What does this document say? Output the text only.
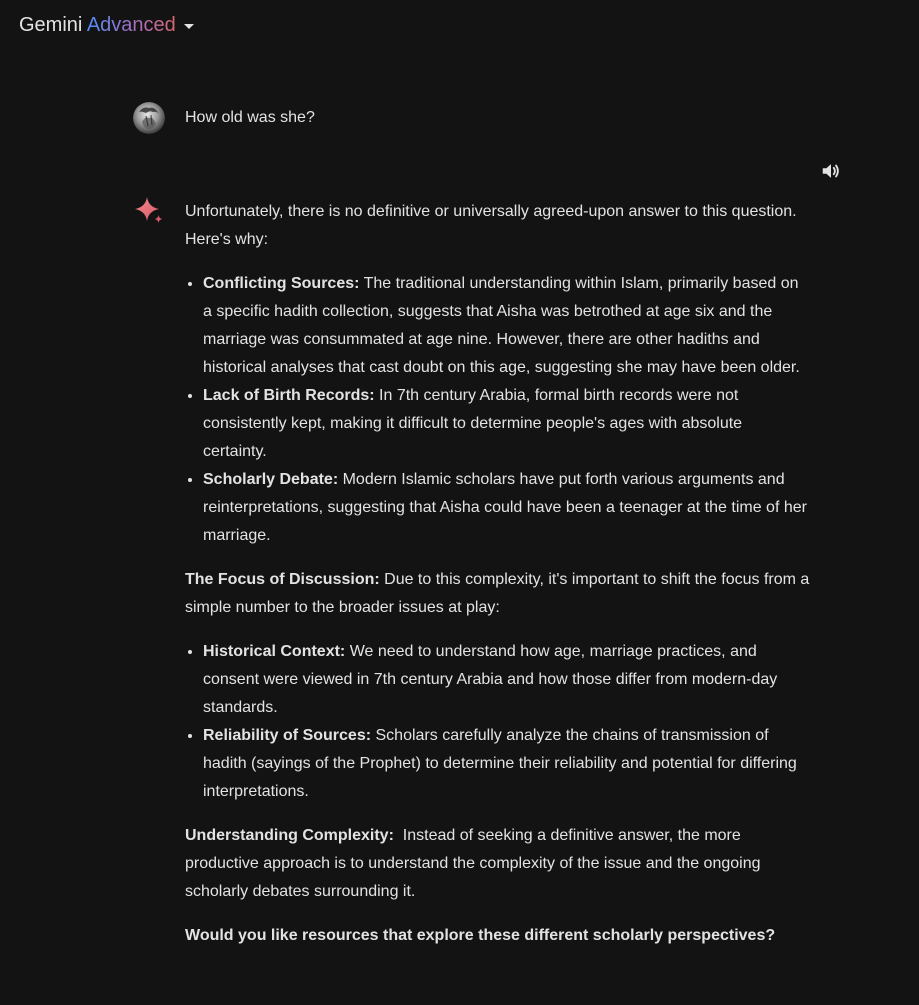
Gemini Advanced
How old was she?

Unfortunately, there is no definitive or universally agreed-upon answer to this question. Here's why:

• Conflicting Sources: The traditional understanding within Islam, primarily based on a specific hadith collection, suggests that Aisha was betrothed at age six and the marriage was consummated at age nine. However, there are other hadiths and historical analyses that cast doubt on this age, suggesting she may have been older.
• Lack of Birth Records: In 7th century Arabia, formal birth records were not consistently kept, making it difficult to determine people's ages with absolute certainty.
• Scholarly Debate: Modern Islamic scholars have put forth various arguments and reinterpretations, suggesting that Aisha could have been a teenager at the time of her marriage.

The Focus of Discussion: Due to this complexity, it's important to shift the focus from a simple number to the broader issues at play:

• Historical Context: We need to understand how age, marriage practices, and consent were viewed in 7th century Arabia and how those differ from modern-day standards.
• Reliability of Sources: Scholars carefully analyze the chains of transmission of hadith (sayings of the Prophet) to determine their reliability and potential for differing interpretations.

Understanding Complexity:  Instead of seeking a definitive answer, the more productive approach is to understand the complexity of the issue and the ongoing scholarly debates surrounding it.

Would you like resources that explore these different scholarly perspectives?
